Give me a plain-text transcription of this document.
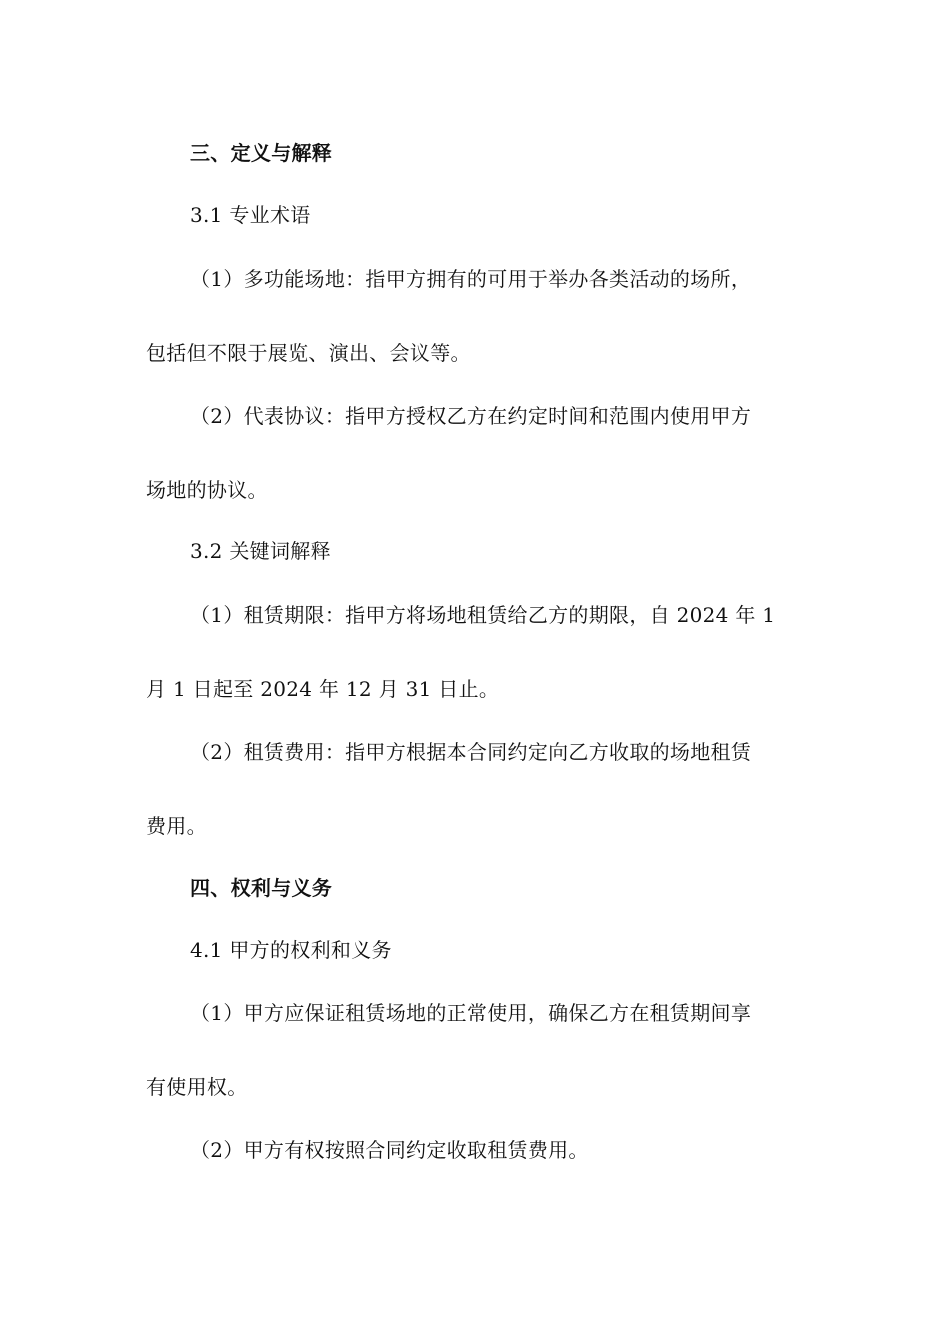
三、定义与解释
3.1 专业术语
（1）多功能场地：指甲方拥有的可用于举办各类活动的场所，
包括但不限于展览、演出、会议等。
（2）代表协议：指甲方授权乙方在约定时间和范围内使用甲方
场地的协议。
3.2 关键词解释
（1）租赁期限：指甲方将场地租赁给乙方的期限，自 2024 年 1
月 1 日起至 2024 年 12 月 31 日止。
（2）租赁费用：指甲方根据本合同约定向乙方收取的场地租赁
费用。
四、权利与义务
4.1 甲方的权利和义务
（1）甲方应保证租赁场地的正常使用，确保乙方在租赁期间享
有使用权。
（2）甲方有权按照合同约定收取租赁费用。
